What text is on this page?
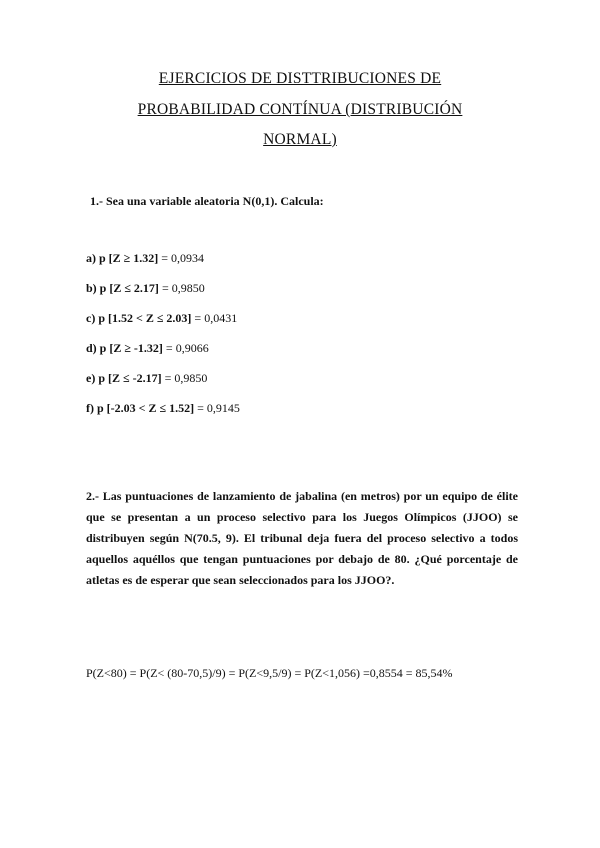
EJERCICIOS DE DISTTRIBUCIONES DE
PROBABILIDAD CONTÍNUA (DISTRIBUCIÓN
NORMAL)
1.- Sea una variable aleatoria N(0,1). Calcula:
a) p [Z ≥ 1.32] = 0,0934
b) p [Z ≤ 2.17] = 0,9850
c) p [1.52 < Z ≤ 2.03] = 0,0431
d) p [Z ≥ -1.32] = 0,9066
e) p [Z ≤ -2.17] = 0,9850
f) p [-2.03 < Z ≤ 1.52] = 0,9145
2.- Las puntuaciones de lanzamiento de jabalina (en metros) por un equipo de élite que se presentan a un proceso selectivo para los Juegos Olímpicos (JJOO) se distribuyen según N(70.5, 9). El tribunal deja fuera del proceso selectivo a todos aquellos aquéllos que tengan puntuaciones por debajo de 80. ¿Qué porcentaje de atletas es de esperar que sean seleccionados para los JJOO?.
P(Z<80) = P(Z< (80-70,5)/9) = P(Z<9,5/9) = P(Z<1,056) =0,8554 = 85,54%
